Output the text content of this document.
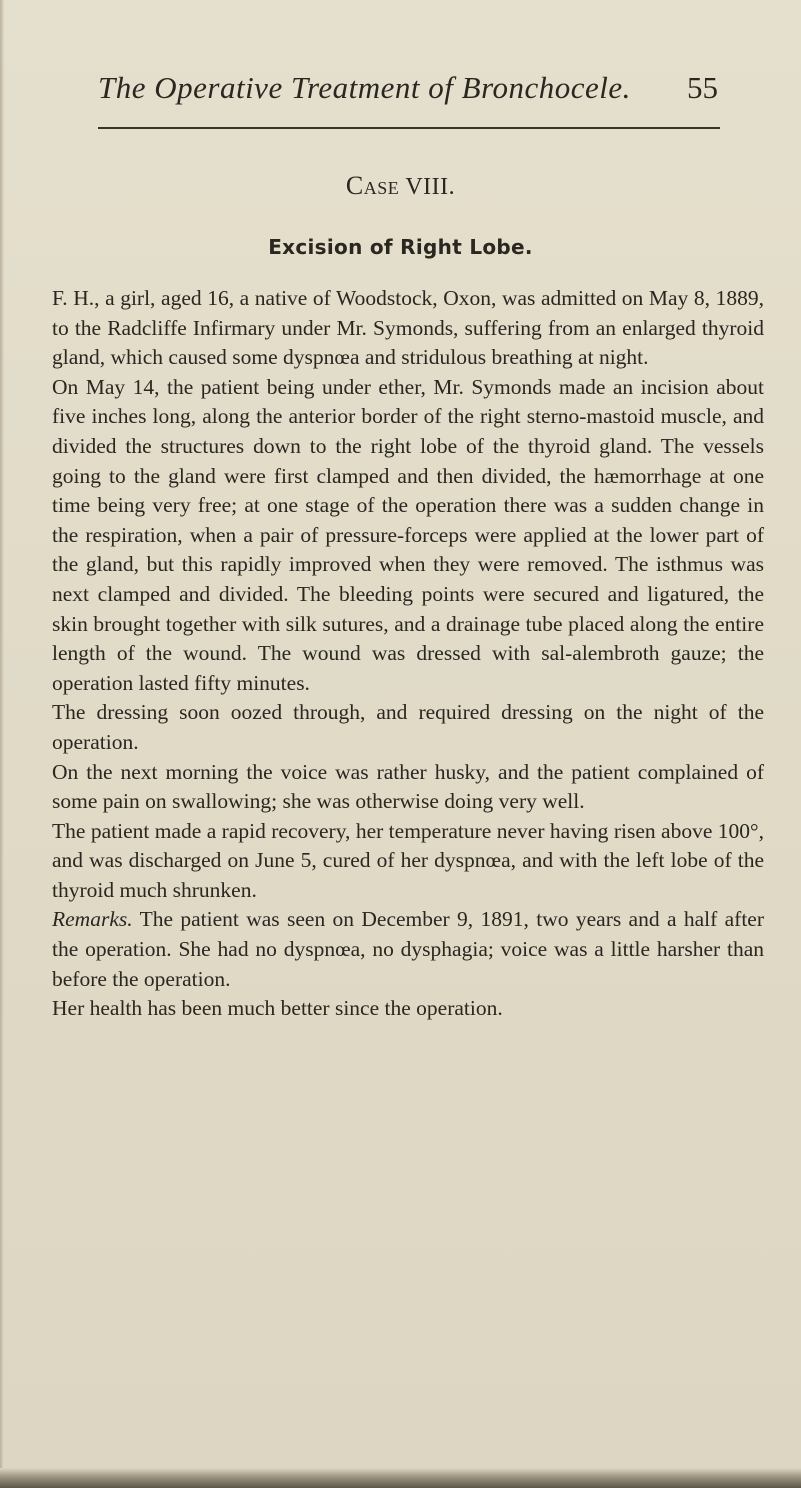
The Operative Treatment of Bronchocele. 55
Case VIII.
Excision of Right Lobe.

F. H., a girl, aged 16, a native of Woodstock, Oxon, was admitted on May 8, 1889, to the Radcliffe Infirmary under Mr. Symonds, suffering from an enlarged thyroid gland, which caused some dyspnœa and stridulous breathing at night.

On May 14, the patient being under ether, Mr. Symonds made an incision about five inches long, along the anterior border of the right sterno-mastoid muscle, and divided the structures down to the right lobe of the thyroid gland. The vessels going to the gland were first clamped and then divided, the hæmorrhage at one time being very free; at one stage of the operation there was a sudden change in the respiration, when a pair of pressure-forceps were applied at the lower part of the gland, but this rapidly improved when they were removed. The isthmus was next clamped and divided. The bleeding points were secured and ligatured, the skin brought together with silk sutures, and a drainage tube placed along the entire length of the wound. The wound was dressed with sal-alembroth gauze; the operation lasted fifty minutes.

The dressing soon oozed through, and required dressing on the night of the operation.

On the next morning the voice was rather husky, and the patient complained of some pain on swallowing; she was otherwise doing very well.

The patient made a rapid recovery, her temperature never having risen above 100°, and was discharged on June 5, cured of her dyspnœa, and with the left lobe of the thyroid much shrunken.

Remarks. The patient was seen on December 9, 1891, two years and a half after the operation. She had no dyspnœa, no dysphagia; voice was a little harsher than before the operation.

Her health has been much better since the operation.
